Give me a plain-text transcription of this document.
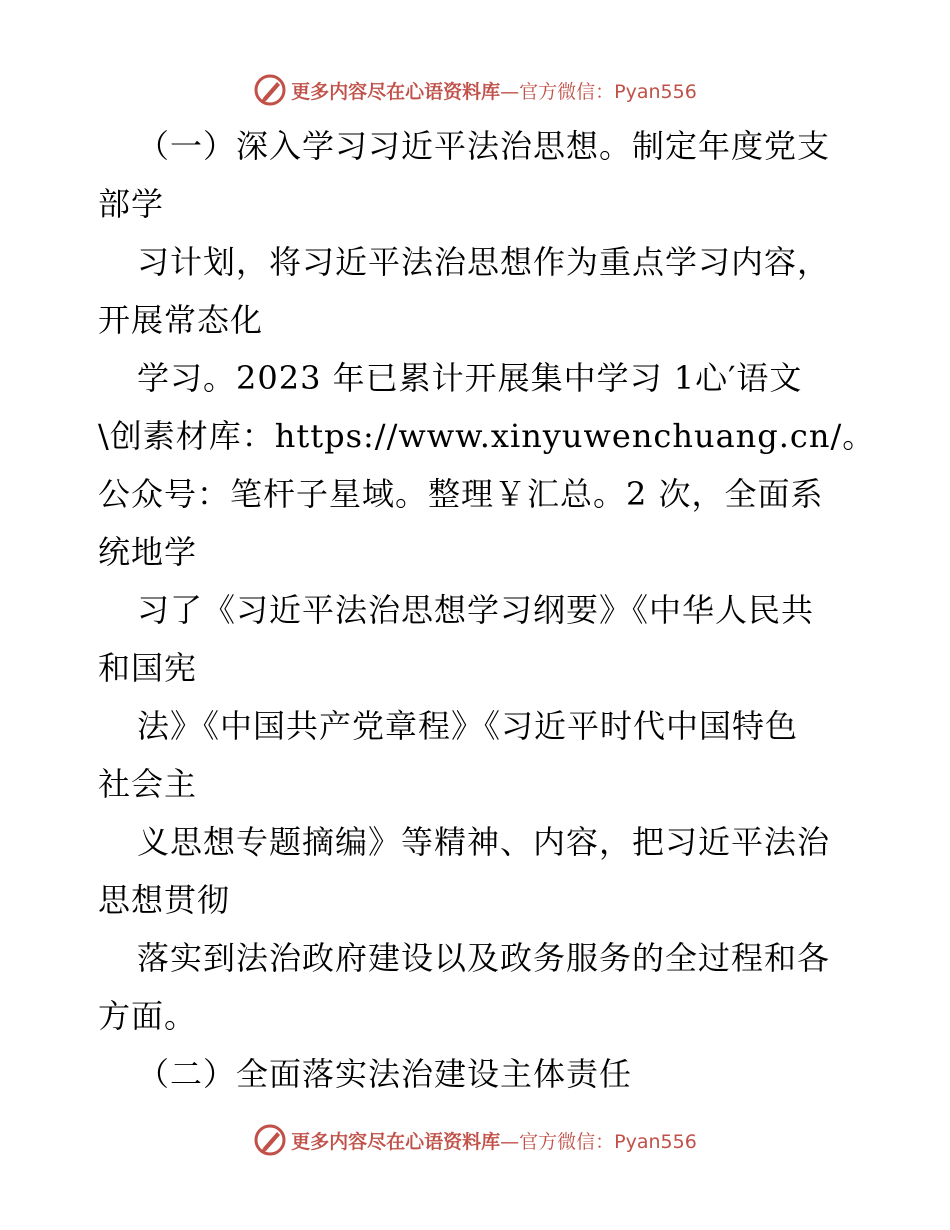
更多内容尽在心语资料库—官方微信：Pyan556
（一）深入学习习近平法治思想。制定年度党支
部学
习计划，将习近平法治思想作为重点学习内容，
开展常态化
学习。2023 年已累计开展集中学习 1心′语文
\创素材库：https://www.xinyuwenchuang.cn/。
公众号：笔杆子星域。整理￥汇总。2 次，全面系
统地学
习了《习近平法治思想学习纲要》《中华人民共
和国宪
法》《中国共产党章程》《习近平时代中国特色
社会主
义思想专题摘编》等精神、内容，把习近平法治
思想贯彻
落实到法治政府建设以及政务服务的全过程和各
方面。
（二）全面落实法治建设主体责任
更多内容尽在心语资料库—官方微信：Pyan556
